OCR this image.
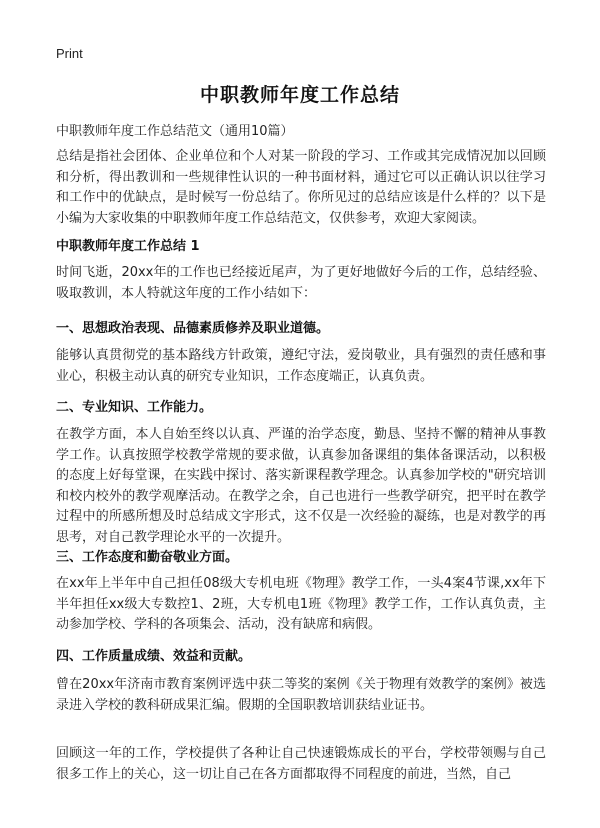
Print
中职教师年度工作总结
中职教师年度工作总结范文（通用10篇）
总结是指社会团体、企业单位和个人对某一阶段的学习、工作或其完成情况加以回顾和分析，得出教训和一些规律性认识的一种书面材料，通过它可以正确认识以往学习和工作中的优缺点，是时候写一份总结了。你所见过的总结应该是什么样的？以下是小编为大家收集的中职教师年度工作总结范文，仅供参考，欢迎大家阅读。
中职教师年度工作总结 1
时间飞逝，20xx年的工作也已经接近尾声，为了更好地做好今后的工作，总结经验、吸取教训，本人特就这年度的工作小结如下：
一、思想政治表现、品德素质修养及职业道德。
能够认真贯彻党的基本路线方针政策，遵纪守法，爱岗敬业，具有强烈的责任感和事业心，积极主动认真的研究专业知识，工作态度端正，认真负责。
二、专业知识、工作能力。
在教学方面，本人自始至终以认真、严谨的治学态度，勤恳、坚持不懈的精神从事教学工作。认真按照学校教学常规的要求做，认真参加备课组的集体备课活动，以积极的态度上好每堂课，在实践中探讨、落实新课程教学理念。认真参加学校的"研究培训和校内校外的教学观摩活动。在教学之余，自己也进行一些教学研究，把平时在教学过程中的所感所想及时总结成文字形式，这不仅是一次经验的凝练，也是对教学的再思考，对自己教学理论水平的一次提升。
三、工作态度和勤奋敬业方面。
在xx年上半年中自己担任08级大专机电班《物理》教学工作，一头4案4节课,xx年下半年担任xx级大专数控1、2班，大专机电1班《物理》教学工作，工作认真负责，主动参加学校、学科的各项集会、活动，没有缺席和病假。
四、工作质量成绩、效益和贡献。
曾在20xx年济南市教育案例评选中获二等奖的案例《关于物理有效教学的案例》被选录进入学校的教科研成果汇编。假期的全国职教培训获结业证书。
回顾这一年的工作，学校提供了各种让自己快速锻炼成长的平台，学校带领赐与自己很多工作上的关心，这一切让自己在各方面都取得不同程度的前进，当然，自己
